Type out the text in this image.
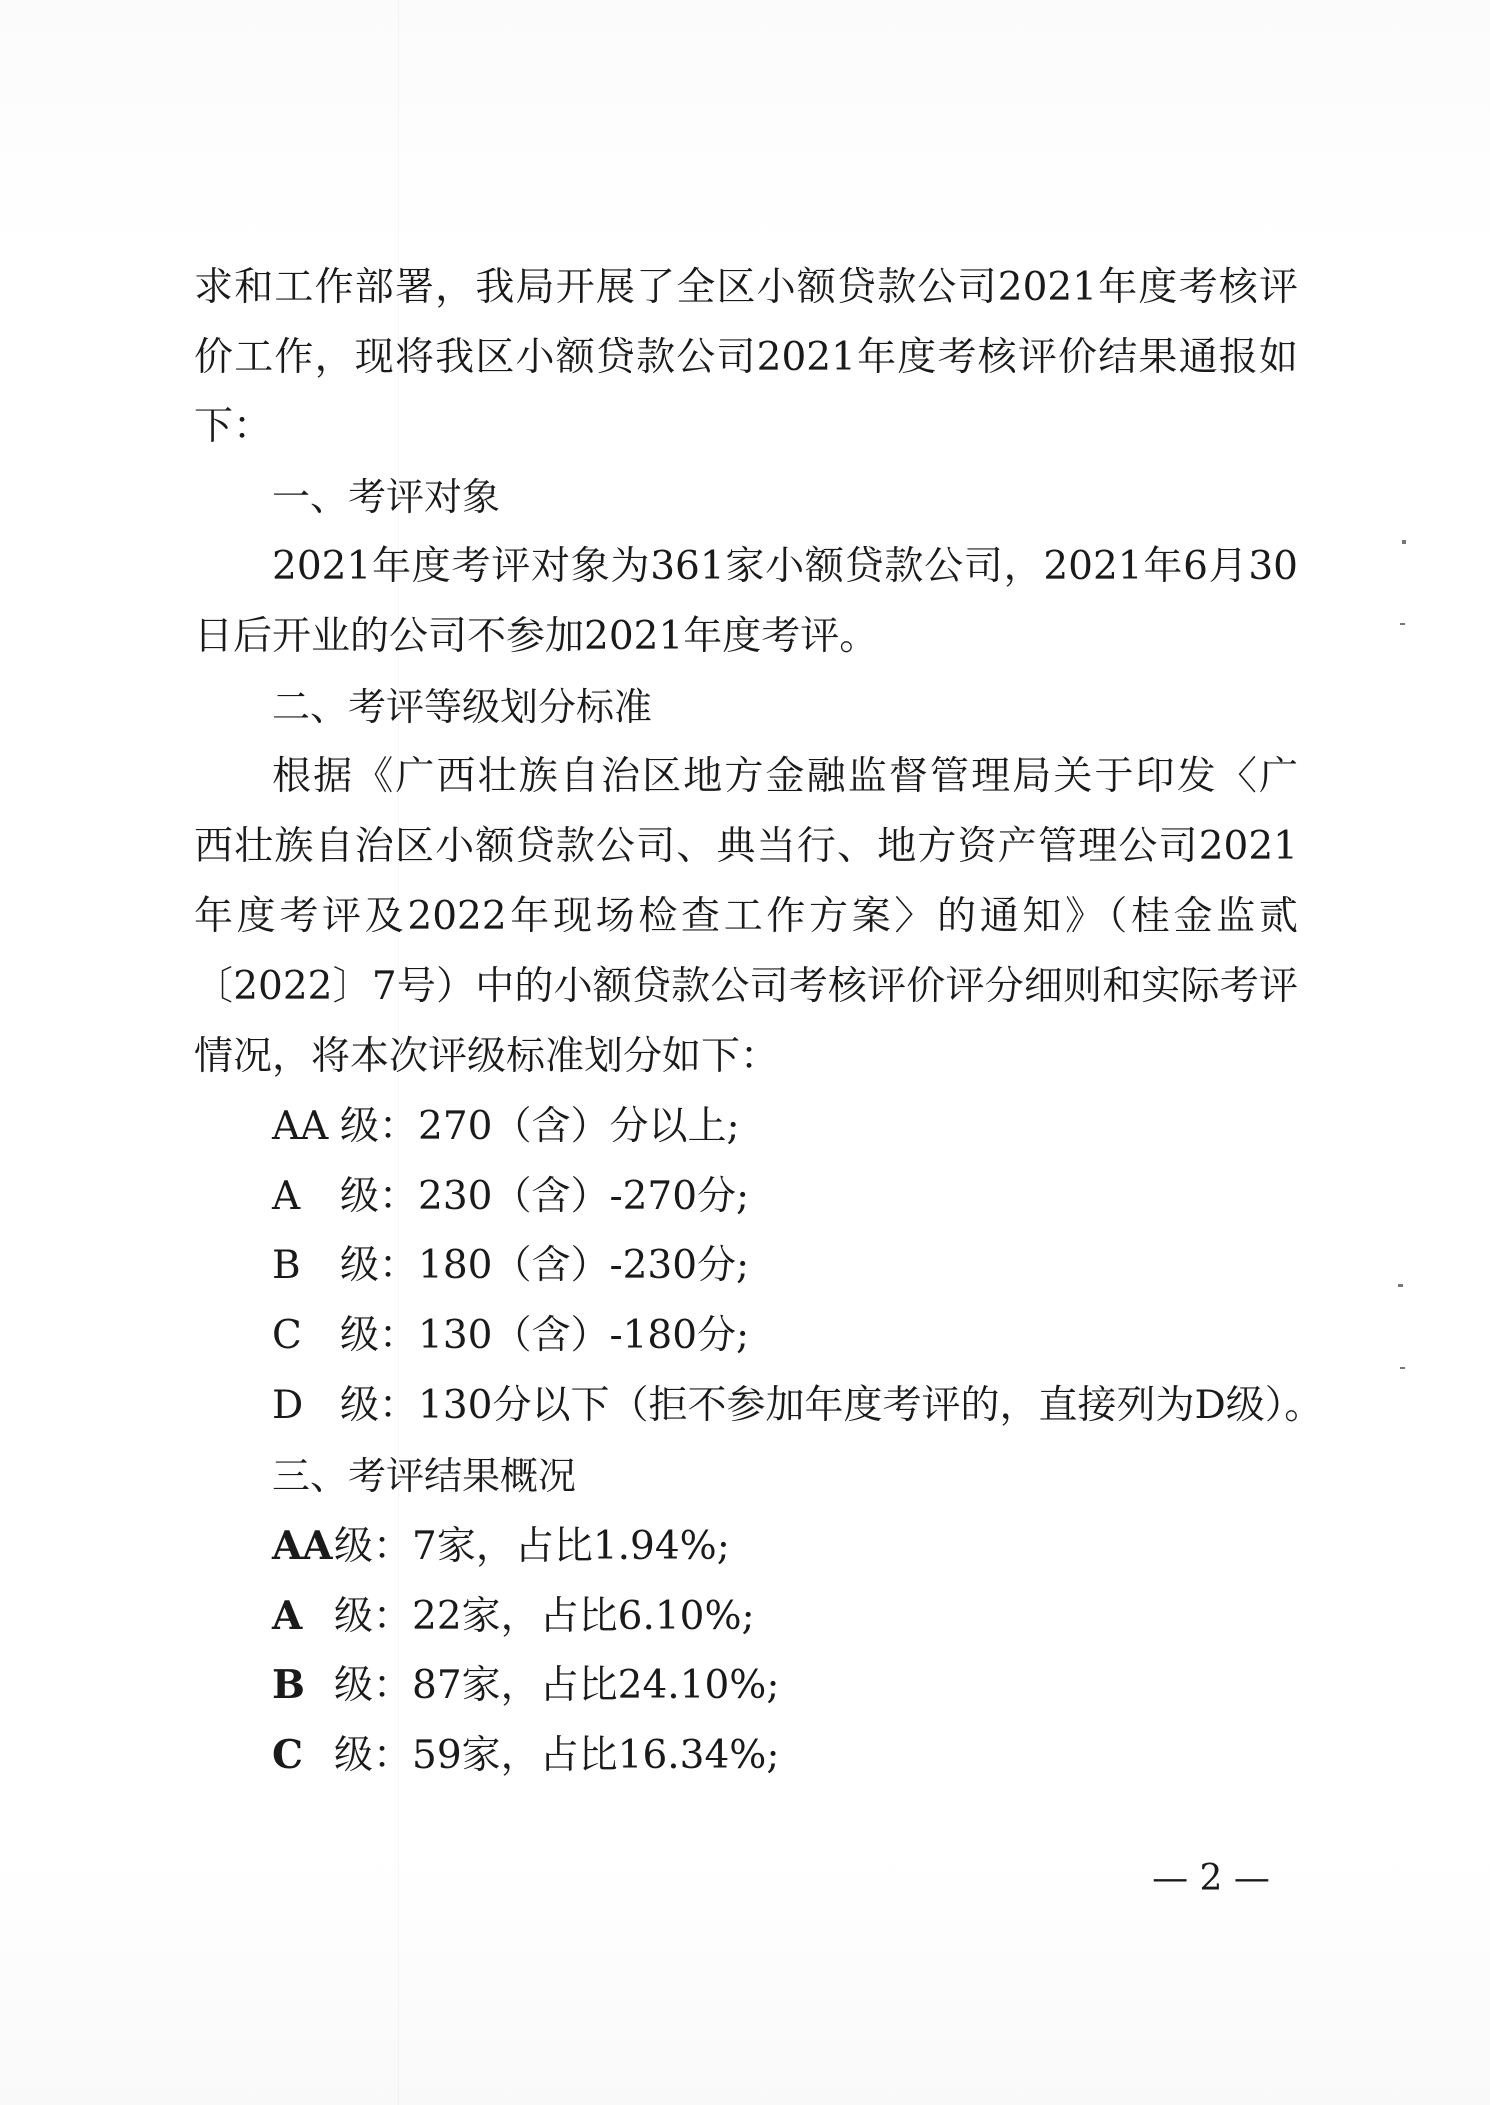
求和工作部署，我局开展了全区小额贷款公司2021年度考核评
价工作，现将我区小额贷款公司2021年度考核评价结果通报如
下：
一、考评对象
2021年度考评对象为361家小额贷款公司，2021年6月30
日后开业的公司不参加2021年度考评。
二、考评等级划分标准
根据《广西壮族自治区地方金融监督管理局关于印发〈广
西壮族自治区小额贷款公司、典当行、地方资产管理公司2021
年度考评及2022年现场检查工作方案〉的通知》（桂金监贰
〔2022〕7号）中的小额贷款公司考核评价评分细则和实际考评
情况，将本次评级标准划分如下：
AA 级：270（含）分以上;
A 级：230（含）-270分;
B 级：180（含）-230分;
C 级：130（含）-180分;
D 级：130分以下（拒不参加年度考评的，直接列为D级）。
三、考评结果概况
AA级：7家，占比1.94%;
A 级：22家，占比6.10%;
B 级：87家，占比24.10%;
C 级：59家，占比16.34%;
— 2 —
